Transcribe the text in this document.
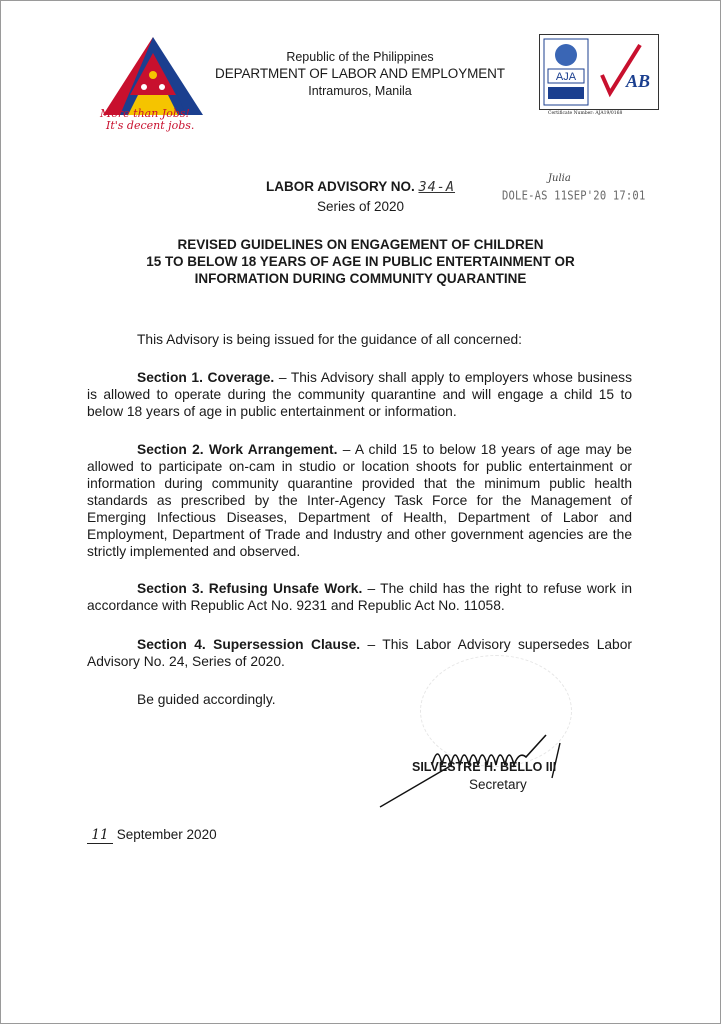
More than Jobs!
It's decent jobs.
Republic of the Philippines
DEPARTMENT OF LABOR AND EMPLOYMENT
Intramuros, Manila
AJA	AB
Certificate Number: AJA19/0168
LABOR ADVISORY NO. 34-A
Series of 2020
Julia
DOLE-AS 11SEP'20 17:01
REVISED GUIDELINES ON ENGAGEMENT OF CHILDREN
15 TO BELOW 18 YEARS OF AGE IN PUBLIC ENTERTAINMENT OR
INFORMATION DURING COMMUNITY QUARANTINE
This Advisory is being issued for the guidance of all concerned:
Section 1. Coverage. – This Advisory shall apply to employers whose business is allowed to operate during the community quarantine and will engage a child 15 to below 18 years of age in public entertainment or information.
Section 2. Work Arrangement. – A child 15 to below 18 years of age may be allowed to participate on-cam in studio or location shoots for public entertainment or information during community quarantine provided that the minimum public health standards as prescribed by the Inter-Agency Task Force for the Management of Emerging Infectious Diseases, Department of Health, Department of Labor and Employment, Department of Trade and Industry and other government agencies are the strictly implemented and observed.
Section 3. Refusing Unsafe Work. – The child has the right to refuse work in accordance with Republic Act No. 9231 and Republic Act No. 11058.
Section 4. Supersession Clause. – This Labor Advisory supersedes Labor Advisory No. 24, Series of 2020.
Be guided accordingly.
SILVESTRE H. BELLO III
Secretary
11 September 2020
